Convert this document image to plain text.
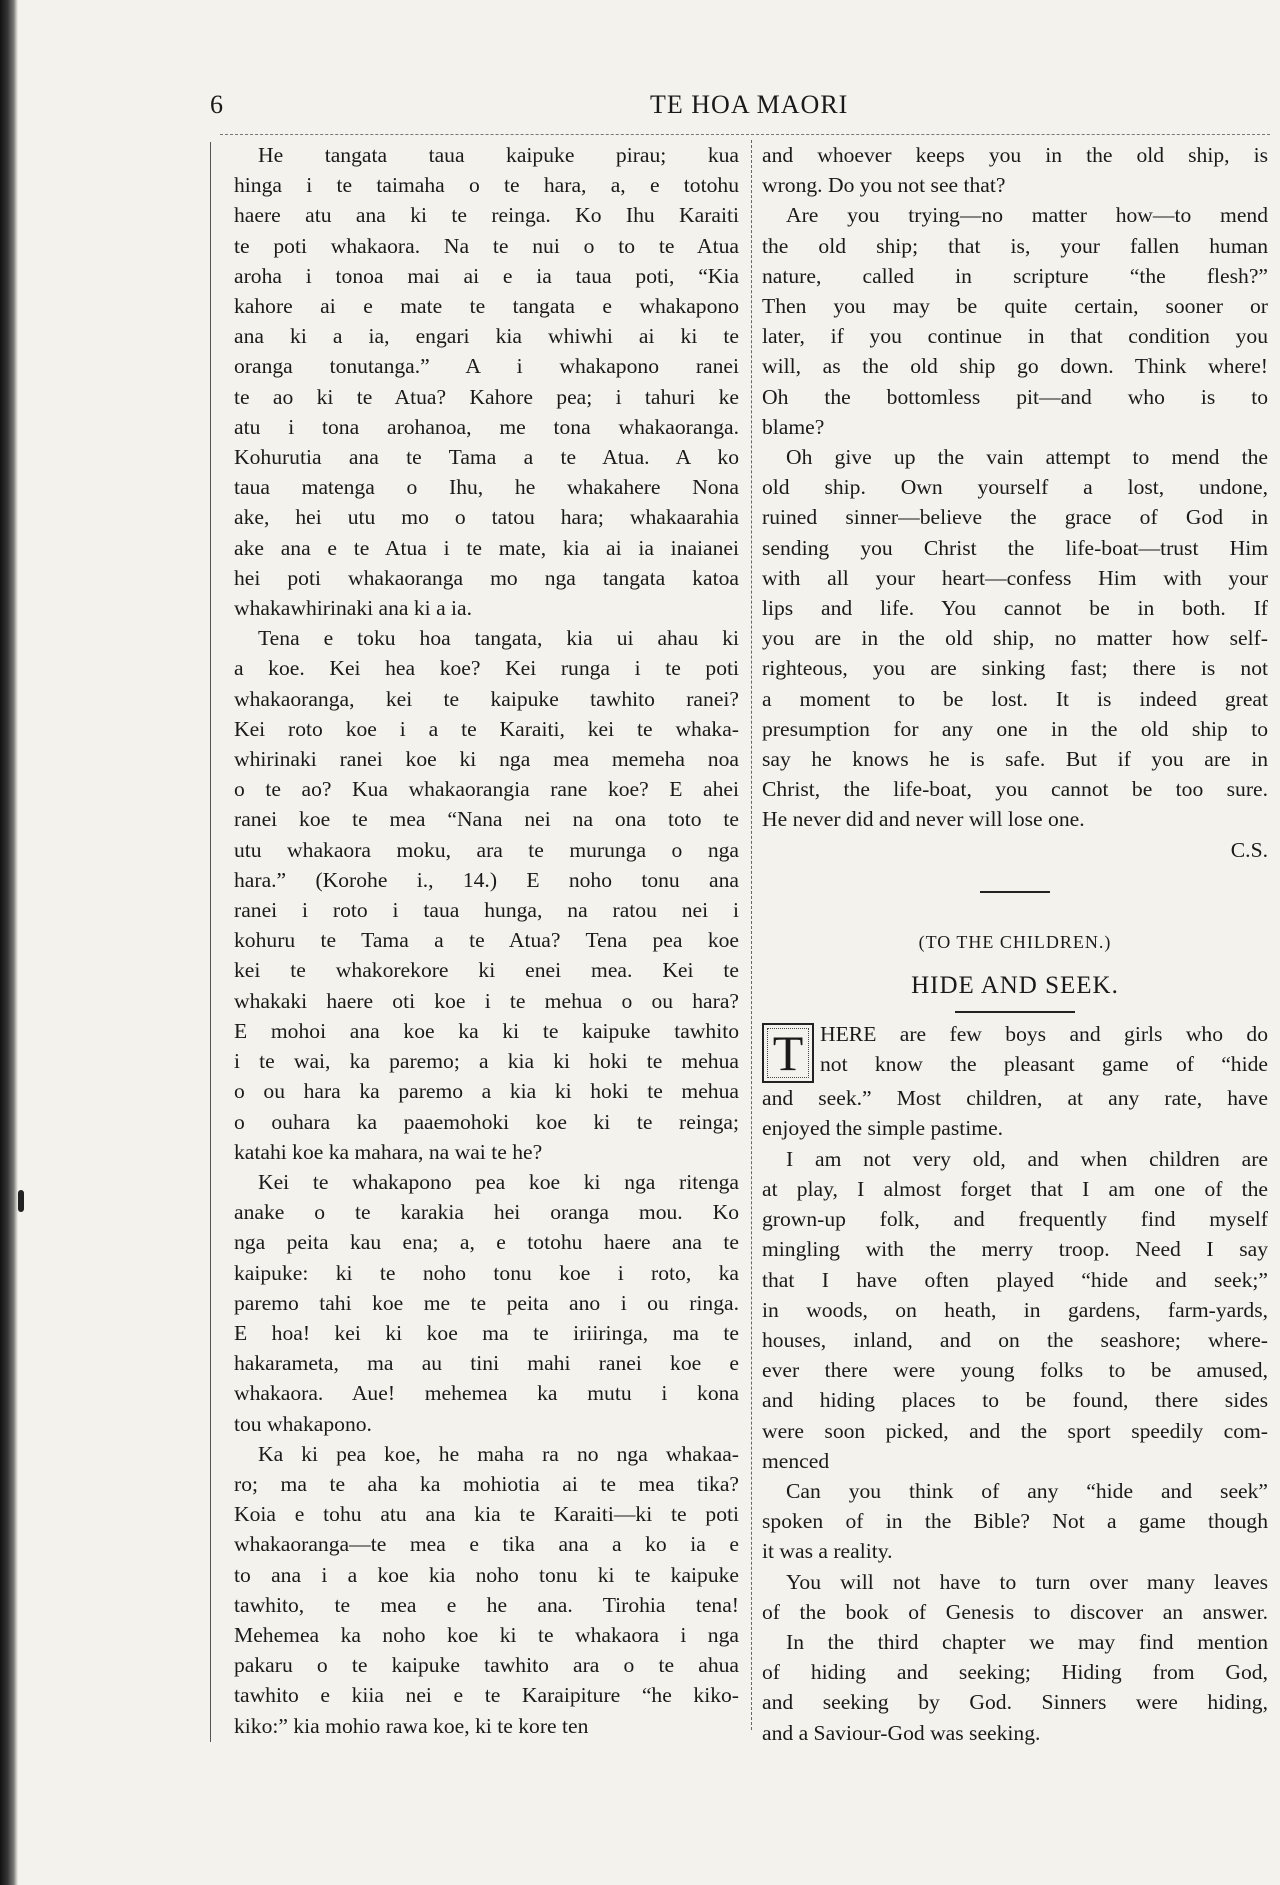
6	TE HOA MAORI
He tangata taua kaipuke pirau; kua
hinga i te taimaha o te hara, a, e totohu
haere atu ana ki te reinga. Ko Ihu Karaiti
te poti whakaora. Na te nui o to te Atua
aroha i tonoa mai ai e ia taua poti, “Kia
kahore ai e mate te tangata e whakapono
ana ki a ia, engari kia whiwhi ai ki te
oranga tonutanga.” A i whakapono ranei
te ao ki te Atua? Kahore pea; i tahuri ke
atu i tona arohanoa, me tona whakaoranga.
Kohurutia ana te Tama a te Atua. A ko
taua matenga o Ihu, he whakahere Nona
ake, hei utu mo o tatou hara; whakaarahia
ake ana e te Atua i te mate, kia ai ia inaianei
hei poti whakaoranga mo nga tangata katoa
whakawhirinaki ana ki a ia.
Tena e toku hoa tangata, kia ui ahau ki
a koe. Kei hea koe? Kei runga i te poti
whakaoranga, kei te kaipuke tawhito ranei?
Kei roto koe i a te Karaiti, kei te whaka-
whirinaki ranei koe ki nga mea memeha noa
o te ao? Kua whakaorangia rane koe? E ahei
ranei koe te mea “Nana nei na ona toto te
utu whakaora moku, ara te murunga o nga
hara.” (Korohe i., 14.) E noho tonu ana
ranei i roto i taua hunga, na ratou nei i
kohuru te Tama a te Atua? Tena pea koe
kei te whakorekore ki enei mea. Kei te
whakaki haere oti koe i te mehua o ou hara?
E mohoi ana koe ka ki te kaipuke tawhito
i te wai, ka paremo; a kia ki hoki te mehua
o ou hara ka paremo a kia ki hoki te mehua
o ouhara ka paaemohoki koe ki te reinga;
katahi koe ka mahara, na wai te he?
Kei te whakapono pea koe ki nga ritenga
anake o te karakia hei oranga mou. Ko
nga peita kau ena; a, e totohu haere ana te
kaipuke: ki te noho tonu koe i roto, ka
paremo tahi koe me te peita ano i ou ringa.
E hoa! kei ki koe ma te iriiringa, ma te
hakarameta, ma au tini mahi ranei koe e
whakaora. Aue! mehemea ka mutu i kona
tou whakapono.
Ka ki pea koe, he maha ra no nga whakaa-
ro; ma te aha ka mohiotia ai te mea tika?
Koia e tohu atu ana kia te Karaiti—ki te poti
whakaoranga—te mea e tika ana a ko ia e
to ana i a koe kia noho tonu ki te kaipuke
tawhito, te mea e he ana. Tirohia tena!
Mehemea ka noho koe ki te whakaora i nga
pakaru o te kaipuke tawhito ara o te ahua
tawhito e kiia nei e te Karaipiture “he kiko-
kiko:” kia mohio rawa koe, ki te kore ten
and whoever keeps you in the old ship, is
wrong. Do you not see that?
Are you trying—no matter how—to mend
the old ship; that is, your fallen human
nature, called in scripture “the flesh?”
Then you may be quite certain, sooner or
later, if you continue in that condition you
will, as the old ship go down. Think where!
Oh the bottomless pit—and who is to
blame?
Oh give up the vain attempt to mend the
old ship. Own yourself a lost, undone,
ruined sinner—believe the grace of God in
sending you Christ the life-boat—trust Him
with all your heart—confess Him with your
lips and life. You cannot be in both. If
you are in the old ship, no matter how self-
righteous, you are sinking fast; there is not
a moment to be lost. It is indeed great
presumption for any one in the old ship to
say he knows he is safe. But if you are in
Christ, the life-boat, you cannot be too sure.
He never did and never will lose one.
C.S.
(TO THE CHILDREN.)
HIDE AND SEEK.
T HERE are few boys and girls who do
not know the pleasant game of “hide
and seek.” Most children, at any rate, have
enjoyed the simple pastime.
I am not very old, and when children are
at play, I almost forget that I am one of the
grown-up folk, and frequently find myself
mingling with the merry troop. Need I say
that I have often played “hide and seek;”
in woods, on heath, in gardens, farm-yards,
houses, inland, and on the seashore; where-
ever there were young folks to be amused,
and hiding places to be found, there sides
were soon picked, and the sport speedily com-
menced
Can you think of any “hide and seek”
spoken of in the Bible? Not a game though
it was a reality.
You will not have to turn over many leaves
of the book of Genesis to discover an answer.
In the third chapter we may find mention
of hiding and seeking; Hiding from God,
and seeking by God. Sinners were hiding,
and a Saviour-God was seeking.
